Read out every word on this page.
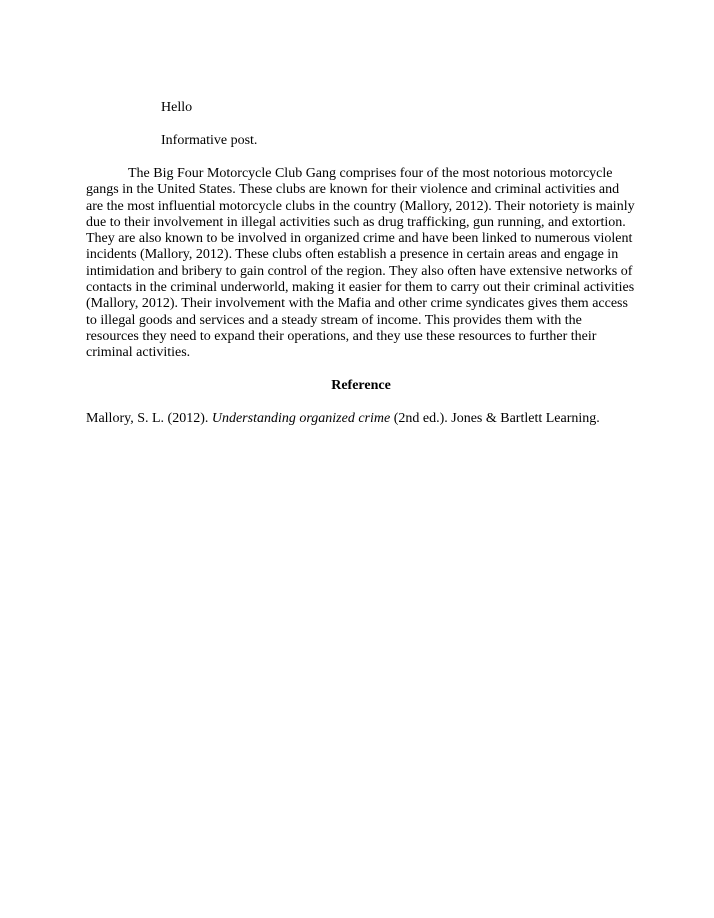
Hello
Informative post.

The Big Four Motorcycle Club Gang comprises four of the most notorious motorcycle gangs in the United States. These clubs are known for their violence and criminal activities and are the most influential motorcycle clubs in the country (Mallory, 2012). Their notoriety is mainly due to their involvement in illegal activities such as drug trafficking, gun running, and extortion. They are also known to be involved in organized crime and have been linked to numerous violent incidents (Mallory, 2012). These clubs often establish a presence in certain areas and engage in intimidation and bribery to gain control of the region. They also often have extensive networks of contacts in the criminal underworld, making it easier for them to carry out their criminal activities (Mallory, 2012). Their involvement with the Mafia and other crime syndicates gives them access to illegal goods and services and a steady stream of income. This provides them with the resources they need to expand their operations, and they use these resources to further their criminal activities.

Reference
Mallory, S. L. (2012). Understanding organized crime (2nd ed.). Jones & Bartlett Learning.
